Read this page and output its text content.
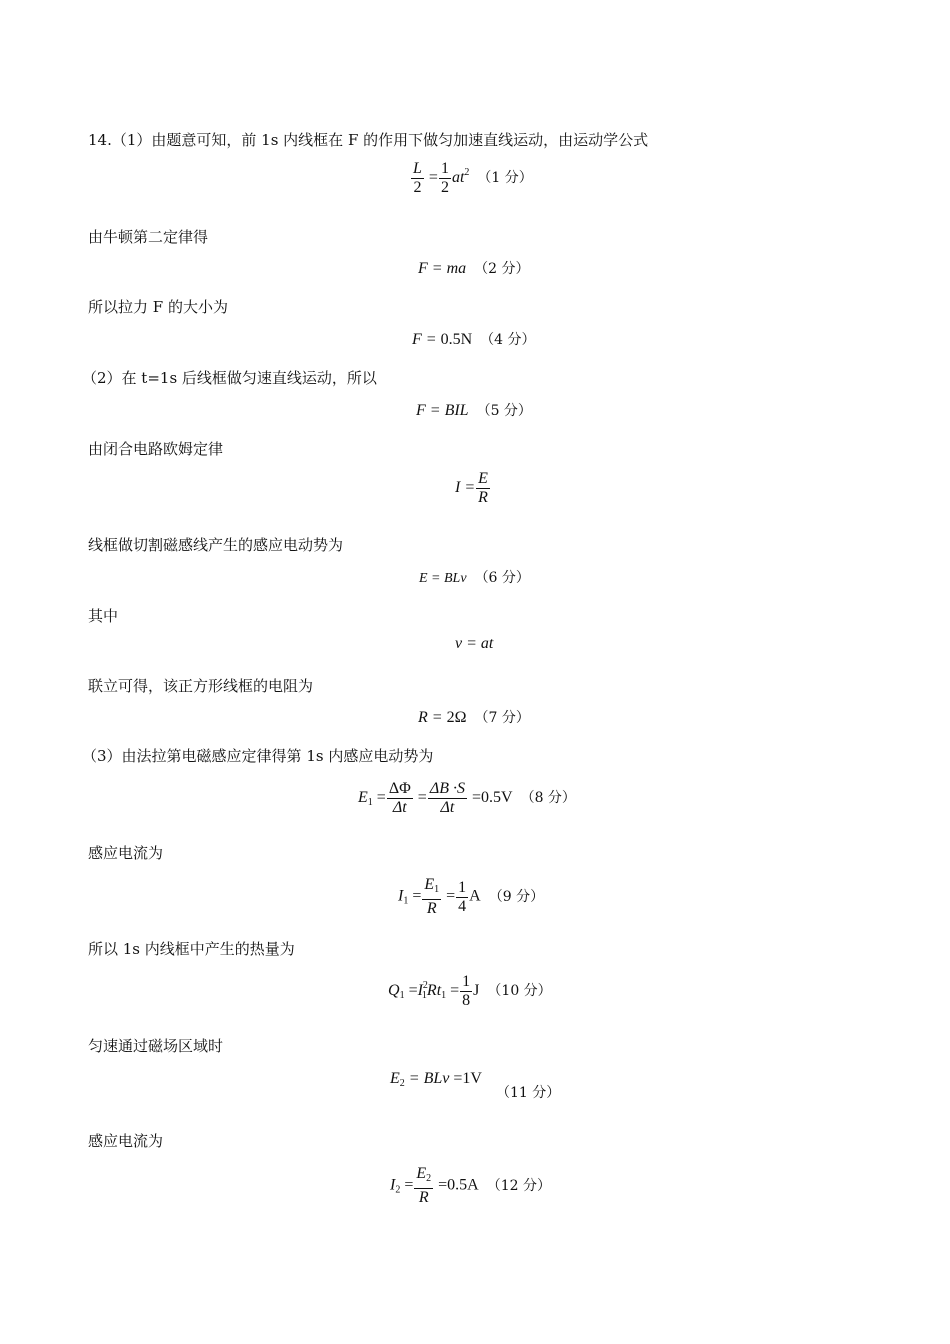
14.（1）由题意可知，前 1s 内线框在 F 的作用下做匀加速直线运动，由运动学公式
$\frac{L}{2} = \frac{1}{2} at^2$ （1 分）
由牛顿第二定律得
F = ma （2 分）
所以拉力 F 的大小为
F = 0.5N （4 分）
（2）在 t=1s 后线框做匀速直线运动，所以
F = BIL （5 分）
由闭合电路欧姆定律
$I = \frac{E}{R}$
线框做切割磁感线产生的感应电动势为
E = BLv （6 分）
其中
v = at
联立可得，该正方形线框的电阻为
R = 2Ω （7 分）
（3）由法拉第电磁感应定律得第 1s 内感应电动势为
$E_1 = \frac{\Delta\Phi}{\Delta t} = \frac{\Delta B \cdot S}{\Delta t} =0.5V$ （8 分）
感应电流为
$I_1 = \frac{E_1}{R} = \frac{1}{4}$ A （9 分）
所以 1s 内线框中产生的热量为
$Q_1 =I^2_1Rt_1 = \frac{1}{8}$ J （10 分）
匀速通过磁场区域时
$E_2$ = BLv =1V
（11 分）
感应电流为
$I_2 = \frac{E_2}{R} =0.5A$ （12 分）
